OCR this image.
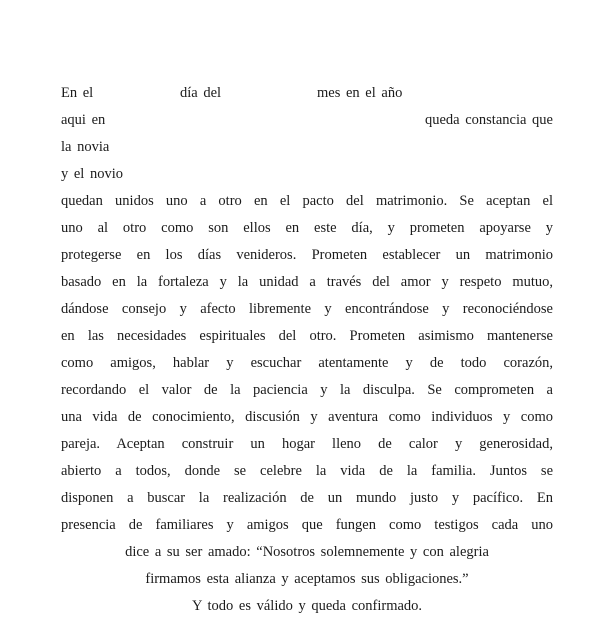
En el	día del	mes en el año
aqui en	queda constancia que
la novia
y el novio
quedan unidos uno a otro en el pacto del matrimonio. Se aceptan el
uno al otro como son ellos en este día, y prometen apoyarse y
protegerse en los días venideros. Prometen establecer un matrimonio
basado en la fortaleza y la unidad a través del amor y respeto mutuo,
dándose consejo y afecto libremente y encontrándose y reconociéndose
en las necesidades espirituales del otro. Prometen asimismo mantenerse
como amigos, hablar y escuchar atentamente y de todo corazón,
recordando el valor de la paciencia y la disculpa. Se comprometen a
una vida de conocimiento, discusión y aventura como individuos y como
pareja. Aceptan construir un hogar lleno de calor y generosidad,
abierto a todos, donde se celebre la vida de la familia. Juntos se
disponen a buscar la realización de un mundo justo y pacífico. En
presencia de familiares y amigos que fungen como testigos cada uno
dice a su ser amado: “Nosotros solemnemente y con alegria
firmamos esta alianza y aceptamos sus obligaciones.”
Y todo es válido y queda confirmado.
